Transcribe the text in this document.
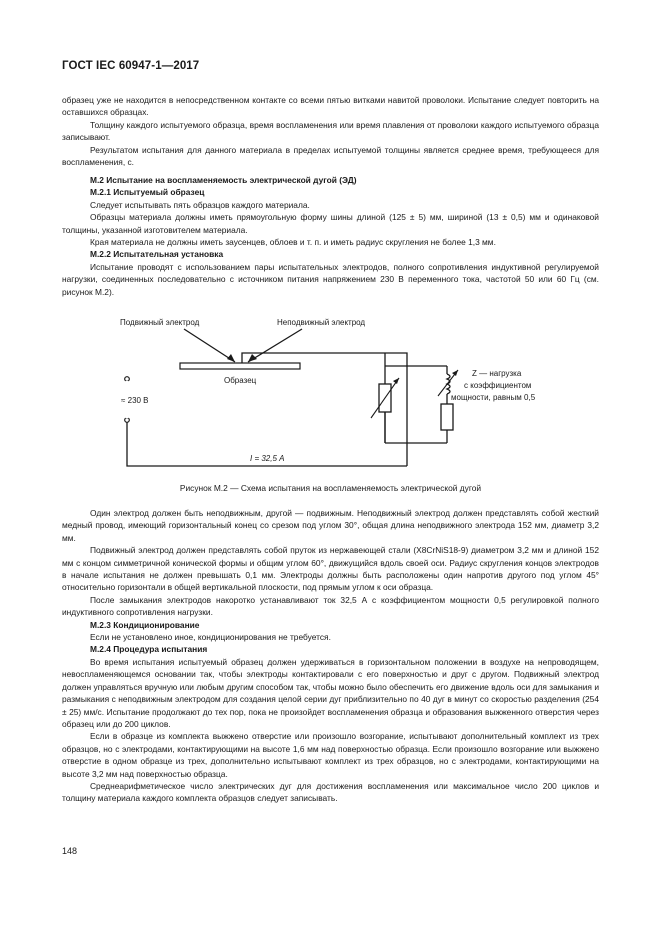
ГОСТ IEC 60947-1—2017

образец уже не находится в непосредственном контакте со всеми пятью витками навитой проволоки. Испытание следует повторить на оставшихся образцах.

Толщину каждого испытуемого образца, время воспламенения или время плавления от проволоки каждого испытуемого образца записывают.

Результатом испытания для данного материала в пределах испытуемой толщины является среднее время, требующееся для воспламенения, с.

М.2 Испытание на воспламеняемость электрической дугой (ЭД)

М.2.1 Испытуемый образец

Следует испытывать пять образцов каждого материала.

Образцы материала должны иметь прямоугольную форму шины длиной (125 ± 5) мм, шириной (13 ± 0,5) мм и одинаковой толщины, указанной изготовителем материала.

Края материала не должны иметь заусенцев, облоев и т. п. и иметь радиус скругления не более 1,3 мм.

М.2.2 Испытательная установка

Испытание проводят с использованием пары испытательных электродов, полного сопротивления индуктивной регулируемой нагрузки, соединенных последовательно с источником питания напряжением 230 В переменного тока, частотой 50 или 60 Гц (см. рисунок М.2).

Подвижный электрод	Неподвижный электрод
Образец
≈ 230 В
Z — нагрузка
с коэффициентом
мощности, равным 0,5
I = 32,5 А
Рисунок М.2 — Схема испытания на воспламеняемость электрической дугой

Один электрод должен быть неподвижным, другой — подвижным. Неподвижный электрод должен представлять собой жесткий медный провод, имеющий горизонтальный конец со срезом под углом 30°, общая длина неподвижного электрода 152 мм, диаметр 3,2 мм.

Подвижный электрод должен представлять собой пруток из нержавеющей стали (X8CrNiS18-9) диаметром 3,2 мм и длиной 152 мм с концом симметричной конической формы и общим углом 60°, движущийся вдоль своей оси. Радиус скругления концов электродов в начале испытания не должен превышать 0,1 мм. Электроды должны быть расположены один напротив другого под углом 45° относительно горизонтали в общей вертикальной плоскости, под прямым углом к оси образца.

После замыкания электродов накоротко устанавливают ток 32,5 А с коэффициентом мощности 0,5 регулировкой полного индуктивного сопротивления нагрузки.

М.2.3 Кондиционирование

Если не установлено иное, кондиционирования не требуется.

М.2.4 Процедура испытания

Во время испытания испытуемый образец должен удерживаться в горизонтальном положении в воздухе на непроводящем, невоспламеняющемся основании так, чтобы электроды контактировали с его поверхностью и друг с другом. Подвижный электрод должен управляться вручную или любым другим способом так, чтобы можно было обеспечить его движение вдоль оси для замыкания и размыкания с неподвижным электродом для создания целой серии дуг приблизительно по 40 дуг в минут со скоростью разделения (254 ± 25) мм/с. Испытание продолжают до тех пор, пока не произойдет воспламенения образца и образования выжженного отверстия через образец или до 200 циклов.

Если в образце из комплекта выжжено отверстие или произошло возгорание, испытывают дополнительный комплект из трех образцов, но с электродами, контактирующими на высоте 1,6 мм над поверхностью образца. Если произошло возгорание или выжжено отверстие в одном образце из трех, дополнительно испытывают комплект из трех образцов, но с электродами, контактирующими на высоте 3,2 мм над поверхностью образца.

Среднеарифметическое число электрических дуг для достижения воспламенения или максимальное число 200 циклов и толщину материала каждого комплекта образцов следует записывать.

148
